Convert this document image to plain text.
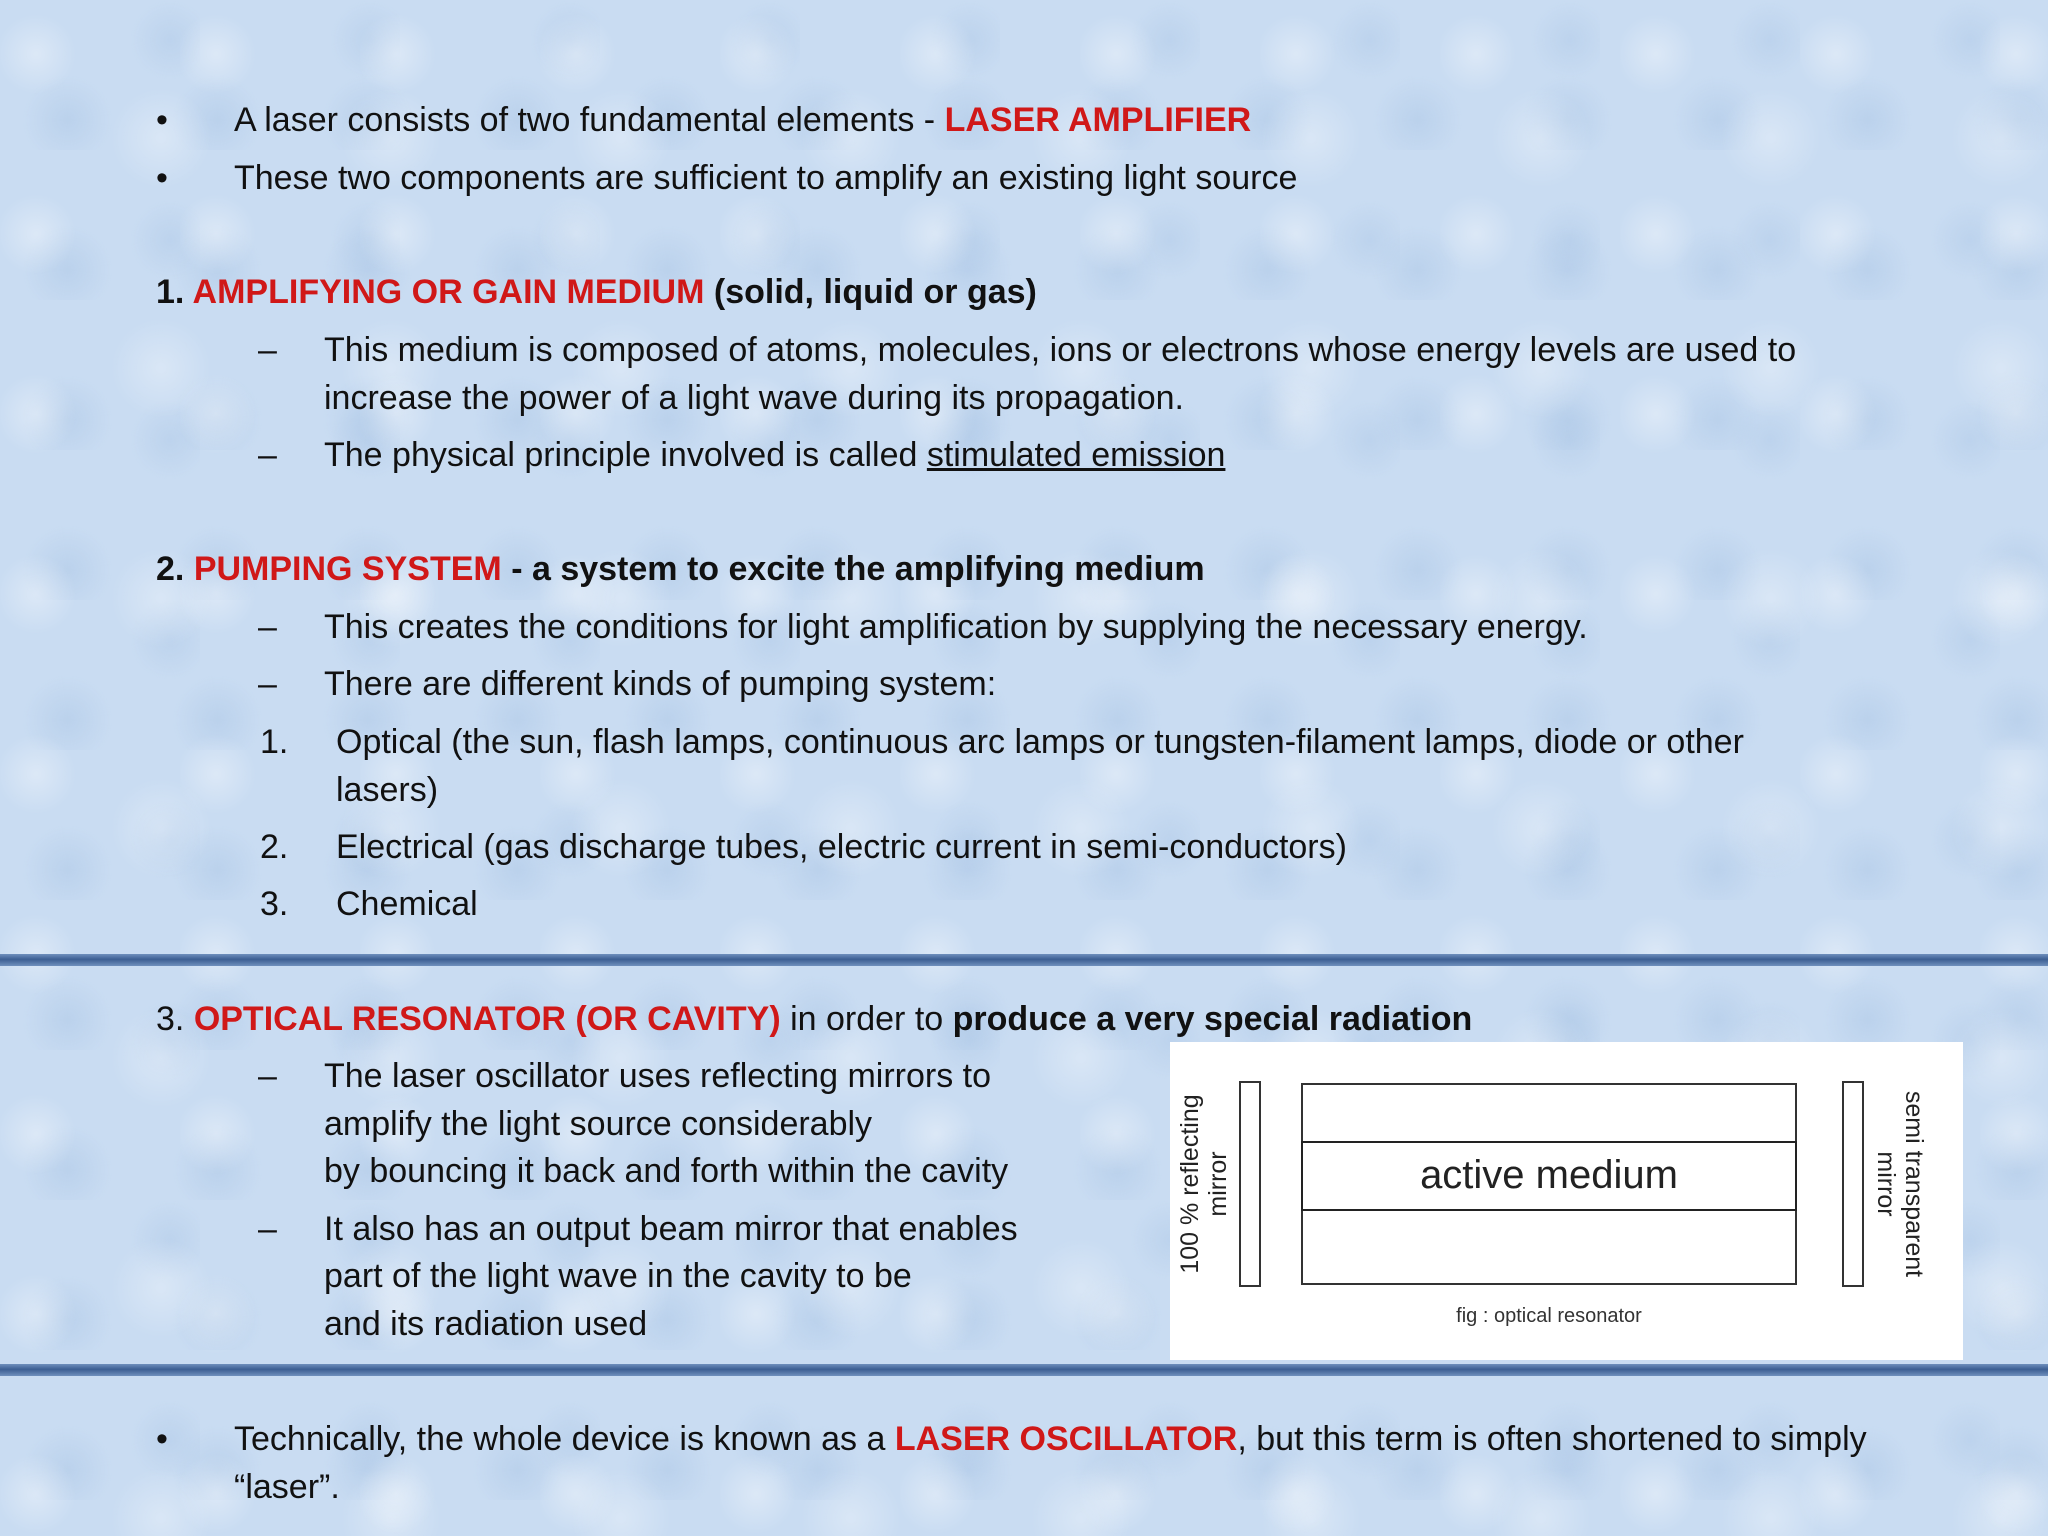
• A laser consists of two fundamental elements - LASER AMPLIFIER
• These two components are sufficient to amplify an existing light source
1. AMPLIFYING OR GAIN MEDIUM (solid, liquid or gas)
– This medium is composed of atoms, molecules, ions or electrons whose energy levels are used to
increase the power of a light wave during its propagation.
– The physical principle involved is called stimulated emission
2. PUMPING SYSTEM - a system to excite the amplifying medium
– This creates the conditions for light amplification by supplying the necessary energy.
– There are different kinds of pumping system:
1. Optical (the sun, flash lamps, continuous arc lamps or tungsten-filament lamps, diode or other
lasers)
2. Electrical (gas discharge tubes, electric current in semi-conductors)
3. Chemical
3. OPTICAL RESONATOR (OR CAVITY) in order to produce a very special radiation
– The laser oscillator uses reflecting mirrors to
amplify the light source considerably
by bouncing it back and forth within the cavity
– It also has an output beam mirror that enables
part of the light wave in the cavity to be
and its radiation used
active medium
100 % reflecting mirror	semi transparent
mirror
fig : optical resonator
• Technically, the whole device is known as a LASER OSCILLATOR, but this term is often shortened to simply
“laser”.
